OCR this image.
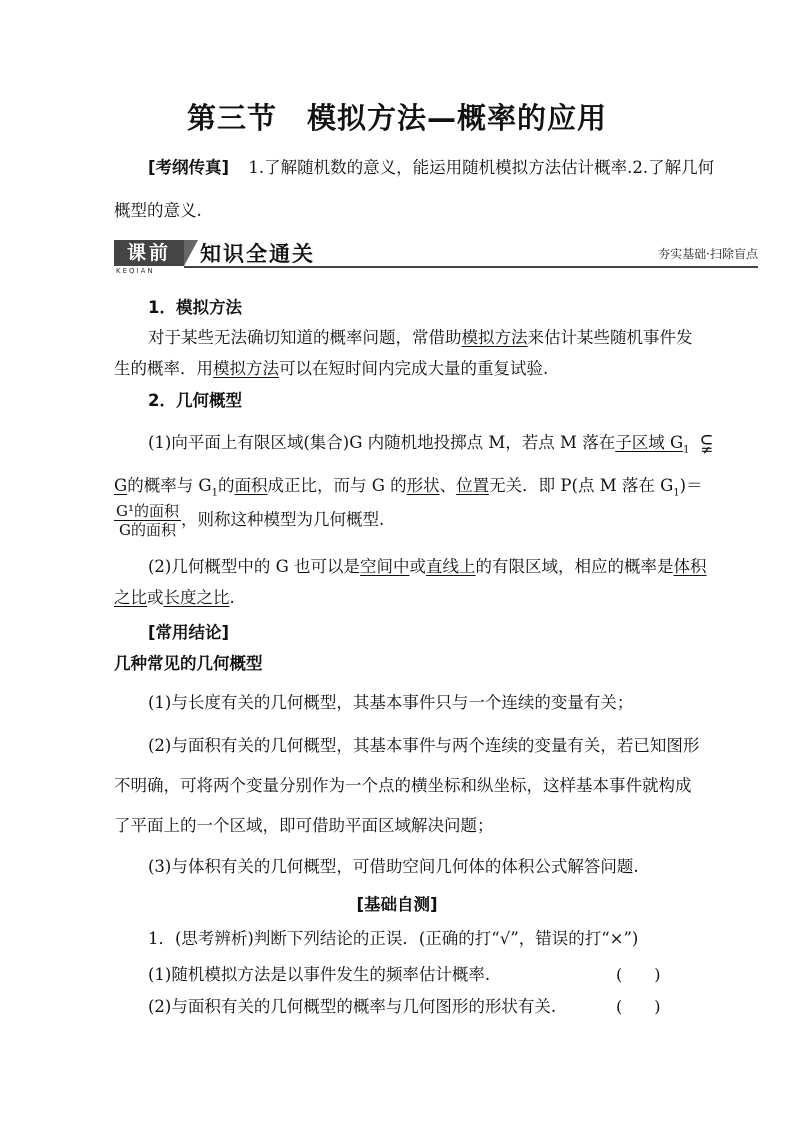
第三节　模拟方法—概率的应用
[考纲传真] 1.了解随机数的意义，能运用随机模拟方法估计概率.2.了解几何
概型的意义.
课前
KEQIAN
知识全通关	夯实基础·扫除盲点
1．模拟方法
对于某些无法确切知道的概率问题，常借助模拟方法来估计某些随机事件发
生的概率．用模拟方法可以在短时间内完成大量的重复试验.
2．几何概型
(1)向平面上有限区域(集合)G 内随机地投掷点 M，若点 M 落在子区域 $G_1$ ⫋
G的概率与 $G_1$的面积成正比，而与 G 的形状、位置无关．即 P(点 M 落在 $G_1)=$
$\frac{\text{G¹的面积}}{\text{G的面积}}$ ，则称这种模型为几何概型.
(2)几何概型中的 G 也可以是空间中或直线上的有限区域，相应的概率是体积
之比或长度之比.
[常用结论]
几种常见的几何概型
(1)与长度有关的几何概型，其基本事件只与一个连续的变量有关；
(2)与面积有关的几何概型，其基本事件与两个连续的变量有关，若已知图形
不明确，可将两个变量分别作为一个点的横坐标和纵坐标，这样基本事件就构成
了平面上的一个区域，即可借助平面区域解决问题；
(3)与体积有关的几何概型，可借助空间几何体的体积公式解答问题.
[基础自测]
1．(思考辨析)判断下列结论的正误．(正确的打“√”，错误的打“×”)
(1)随机模拟方法是以事件发生的频率估计概率.	(　　)
(2)与面积有关的几何概型的概率与几何图形的形状有关.	(　　)
